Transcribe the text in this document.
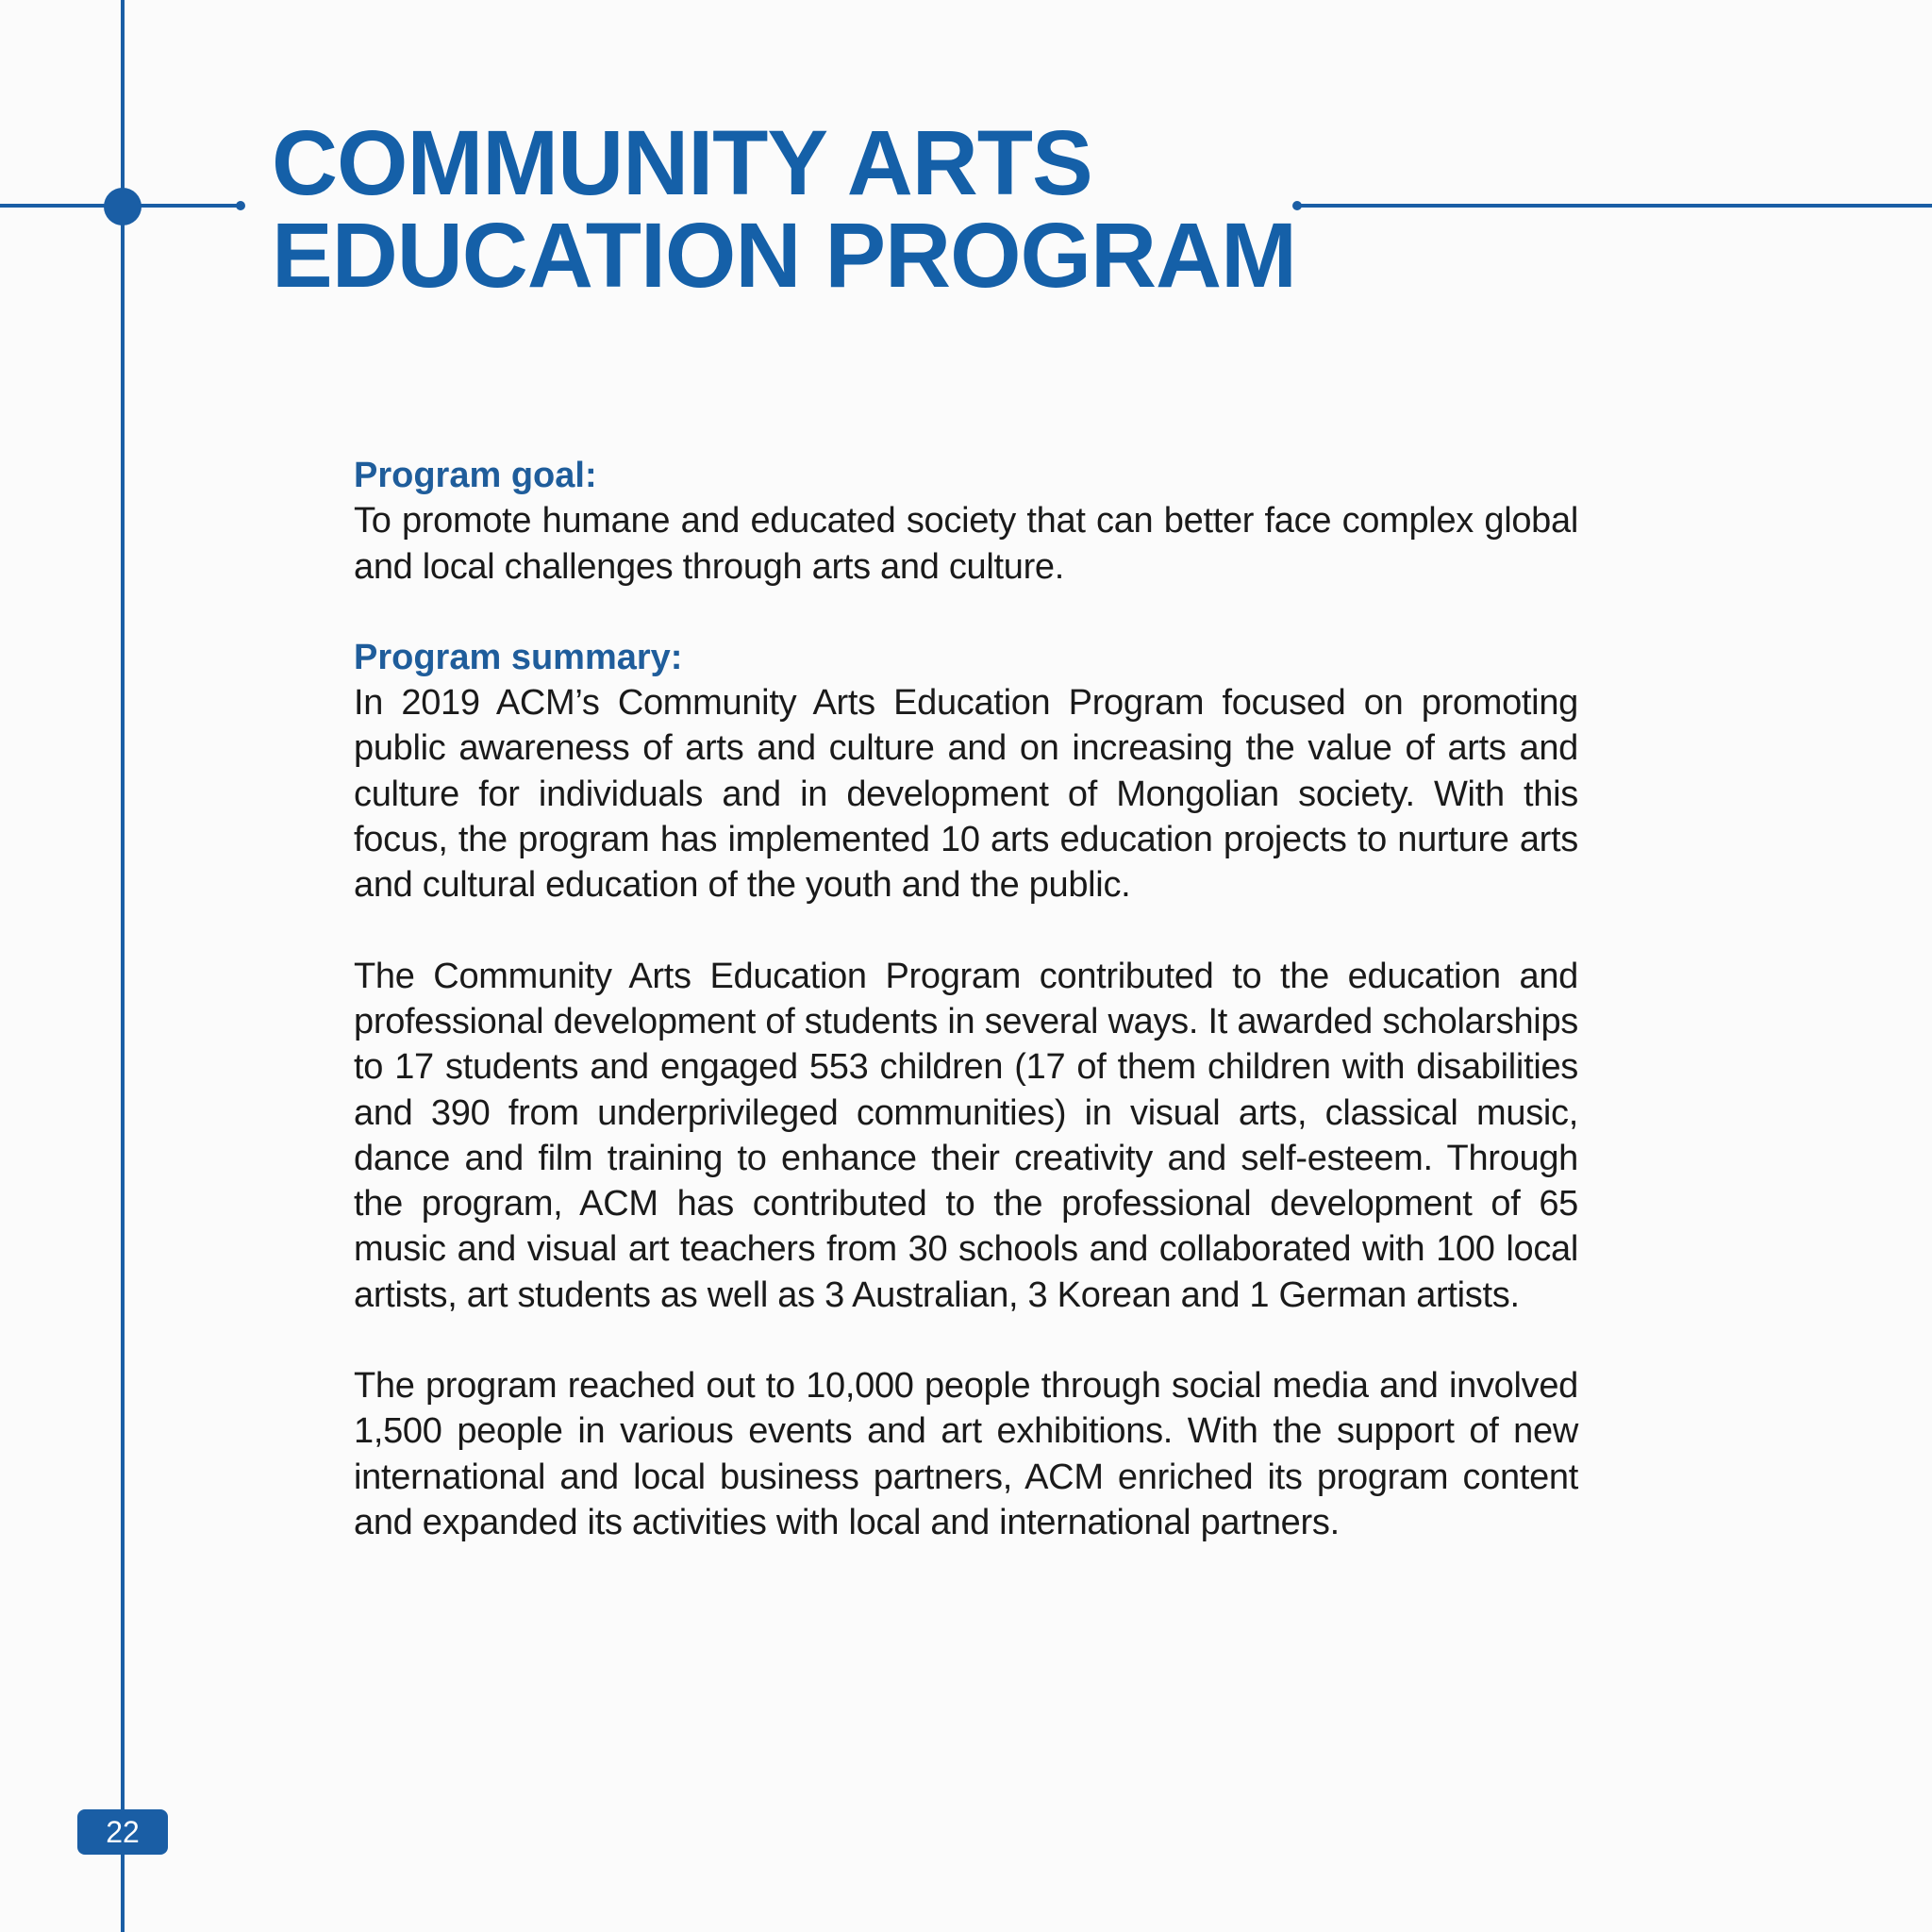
COMMUNITY ARTS
EDUCATION PROGRAM

Program goal:

To promote humane and educated society that can better face complex global and local challenges through arts and culture.

Program summary:

In 2019 ACM’s Community Arts Education Program focused on promoting public awareness of arts and culture and on increasing the value of arts and culture for individuals and in development of Mongolian society. With this focus, the program has implemented 10 arts education projects to nurture arts and cultural education of the youth and the public.

The Community Arts Education Program contributed to the education and professional development of students in several ways. It awarded scholarships to 17 students and engaged 553 children (17 of them children with disabilities and 390 from underprivileged communities) in visual arts, classical music, dance and film training to enhance their creativity and self-esteem. Through the program, ACM has contributed to the professional development of 65 music and visual art teachers from 30 schools and collaborated with 100 local artists, art students as well as 3 Australian, 3 Korean and 1 German artists.

The program reached out to 10,000 people through social media and involved 1,500 people in various events and art exhibitions. With the support of new international and local business partners, ACM enriched its program content and expanded its activities with local and international partners.

22
